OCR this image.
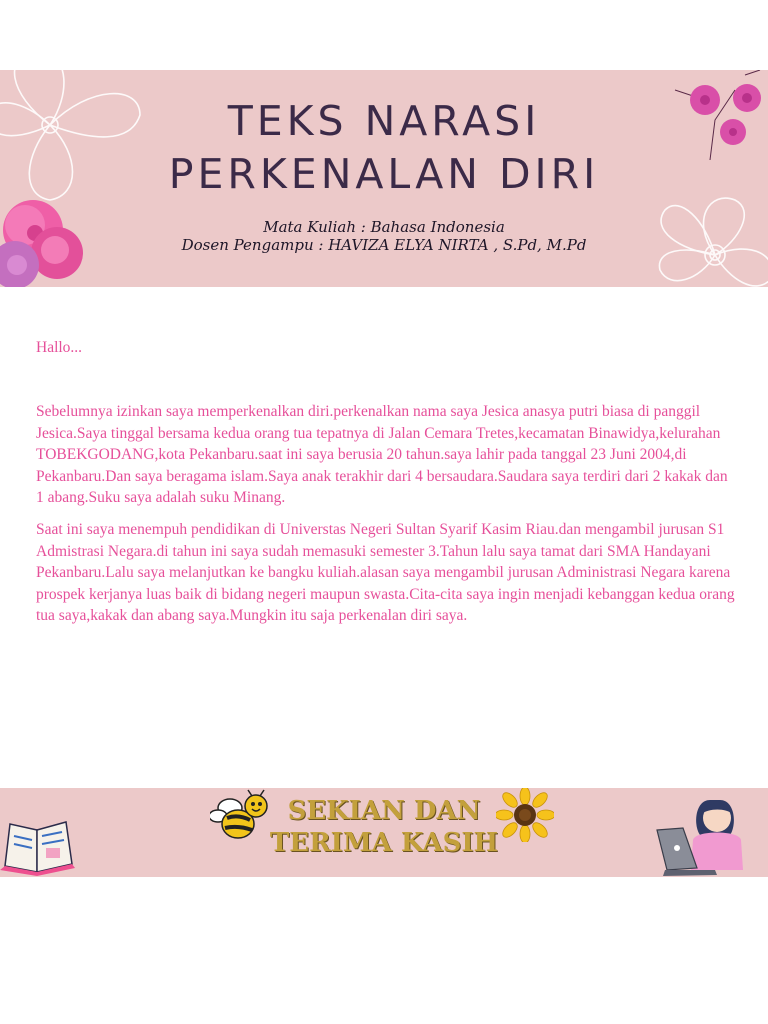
TEKS NARASI
PERKENALAN DIRI
Mata Kuliah : Bahasa Indonesia
Dosen Pengampu : HAVIZA ELYA NIRTA , S.Pd, M.Pd

Hallo...

Sebelumnya izinkan saya memperkenalkan diri.perkenalkan nama saya Jesica anasya putri biasa di panggil Jesica.Saya tinggal bersama kedua orang tua tepatnya di Jalan Cemara Tretes,kecamatan Binawidya,kelurahan TOBEKGODANG,kota Pekanbaru.saat ini saya berusia 20 tahun.saya lahir pada tanggal 23 Juni 2004,di Pekanbaru.Dan saya beragama islam.Saya anak terakhir dari 4 bersaudara.Saudara saya terdiri dari 2 kakak dan 1 abang.Suku saya adalah suku Minang.

Saat ini saya menempuh pendidikan di Universtas Negeri Sultan Syarif Kasim Riau.dan mengambil jurusan S1 Admistrasi Negara.di tahun ini saya sudah memasuki semester 3.Tahun lalu saya tamat dari SMA Handayani Pekanbaru.Lalu saya melanjutkan ke bangku kuliah.alasan saya mengambil jurusan Administrasi Negara karena prospek kerjanya luas baik di bidang negeri maupun swasta.Cita-cita saya ingin menjadi kebanggan kedua orang tua saya,kakak dan abang saya.Mungkin itu saja perkenalan diri saya.

SEKIAN DAN
TERIMA KASIH
